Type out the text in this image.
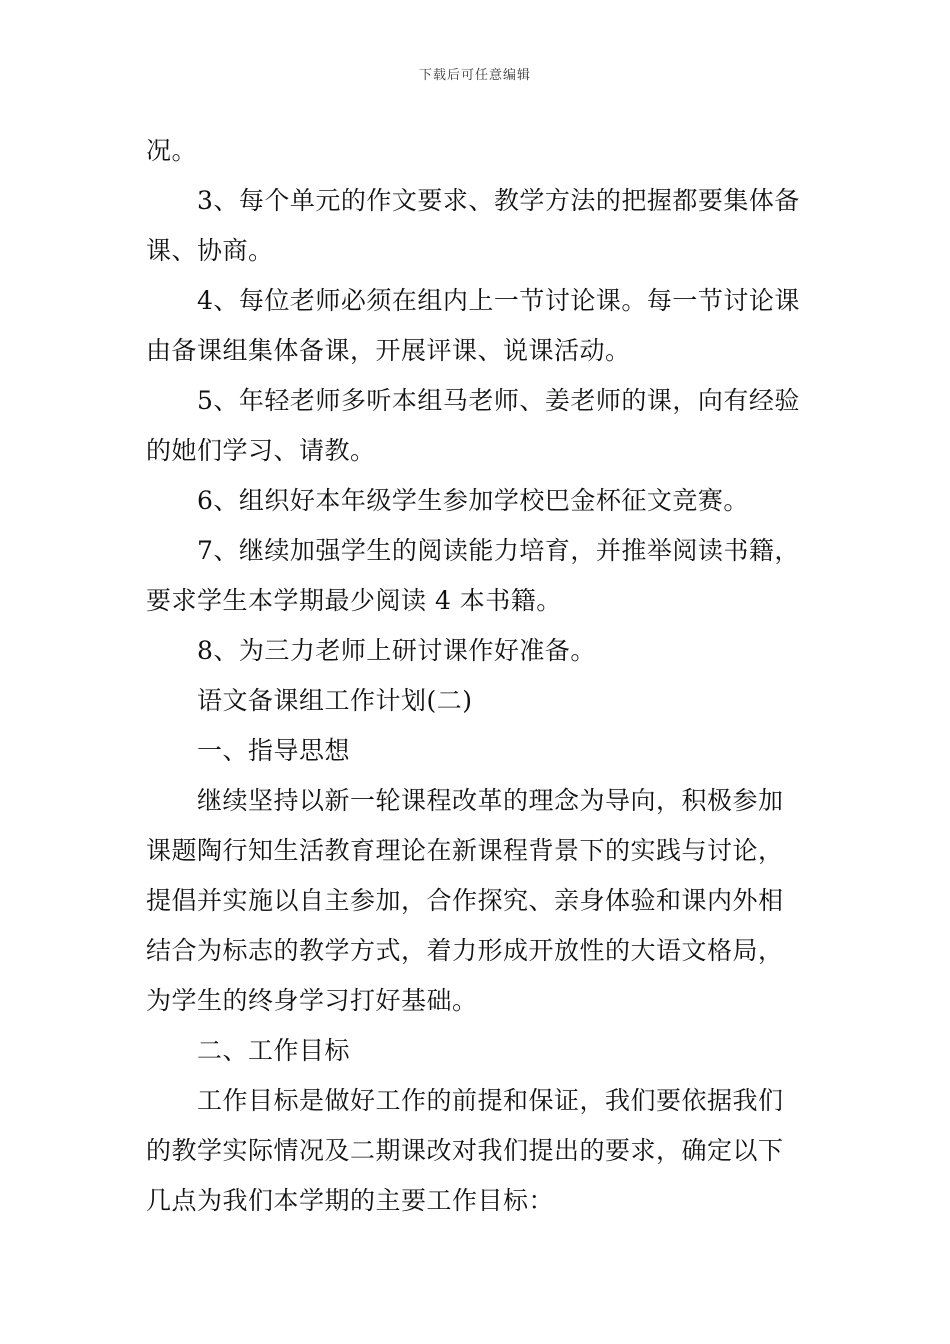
下载后可任意编辑
况。
3、每个单元的作文要求、教学方法的把握都要集体备
课、协商。
4、每位老师必须在组内上一节讨论课。每一节讨论课
由备课组集体备课，开展评课、说课活动。
5、年轻老师多听本组马老师、姜老师的课，向有经验
的她们学习、请教。
6、组织好本年级学生参加学校巴金杯征文竞赛。
7、继续加强学生的阅读能力培育，并推举阅读书籍，
要求学生本学期最少阅读 4 本书籍。
8、为三力老师上研讨课作好准备。
语文备课组工作计划(二)
一、指导思想
继续坚持以新一轮课程改革的理念为导向，积极参加
课题陶行知生活教育理论在新课程背景下的实践与讨论，
提倡并实施以自主参加，合作探究、亲身体验和课内外相
结合为标志的教学方式，着力形成开放性的大语文格局，
为学生的终身学习打好基础。
二、工作目标
工作目标是做好工作的前提和保证，我们要依据我们
的教学实际情况及二期课改对我们提出的要求，确定以下
几点为我们本学期的主要工作目标：
